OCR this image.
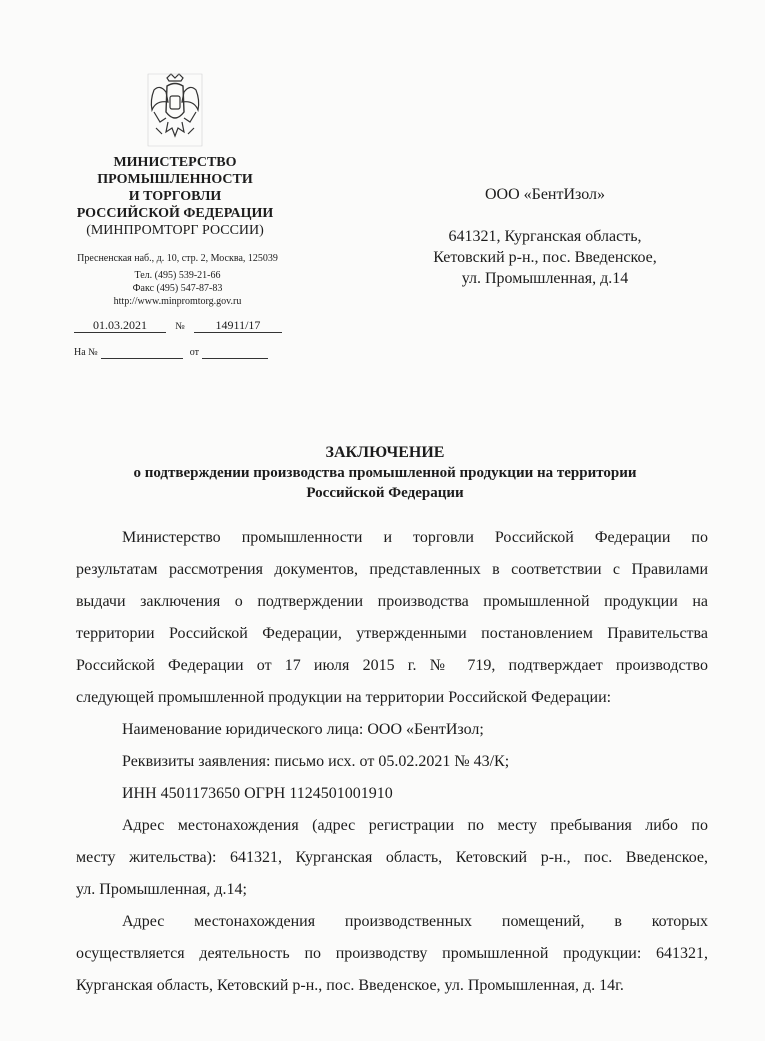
МИНИСТЕРСТВО
ПРОМЫШЛЕННОСТИ
И ТОРГОВЛИ
РОССИЙСКОЙ ФЕДЕРАЦИИ
(МИНПРОМТОРГ РОССИИ)
Пресненская наб., д. 10, стр. 2, Москва, 125039
Тел. (495) 539-21-66
Факс (495) 547-87-83
http://www.minpromtorg.gov.ru
01.03.2021	№	14911/17
На №	от
ООО «БентИзол»
641321, Курганская область,
Кетовский р-н., пос. Введенское,
ул. Промышленная, д.14
ЗАКЛЮЧЕНИЕ
о подтверждении производства промышленной продукции на территории
Российской Федерации
Министерство промышленности и торговли Российской Федерации по
результатам рассмотрения документов, представленных в соответствии с Правилами
выдачи заключения о подтверждении производства промышленной продукции на
территории Российской Федерации, утвержденными постановлением Правительства
Российской Федерации от 17 июля 2015 г. № 719, подтверждает производство
следующей промышленной продукции на территории Российской Федерации:
Наименование юридического лица: ООО «БентИзол;
Реквизиты заявления: письмо исх. от 05.02.2021 № 43/К;
ИНН 4501173650 ОГРН 1124501001910
Адрес местонахождения (адрес регистрации по месту пребывания либо по
месту жительства): 641321, Курганская область, Кетовский р-н., пос. Введенское,
ул. Промышленная, д.14;
Адрес местонахождения производственных помещений, в которых
осуществляется деятельность по производству промышленной продукции: 641321,
Курганская область, Кетовский р-н., пос. Введенское, ул. Промышленная, д. 14г.
